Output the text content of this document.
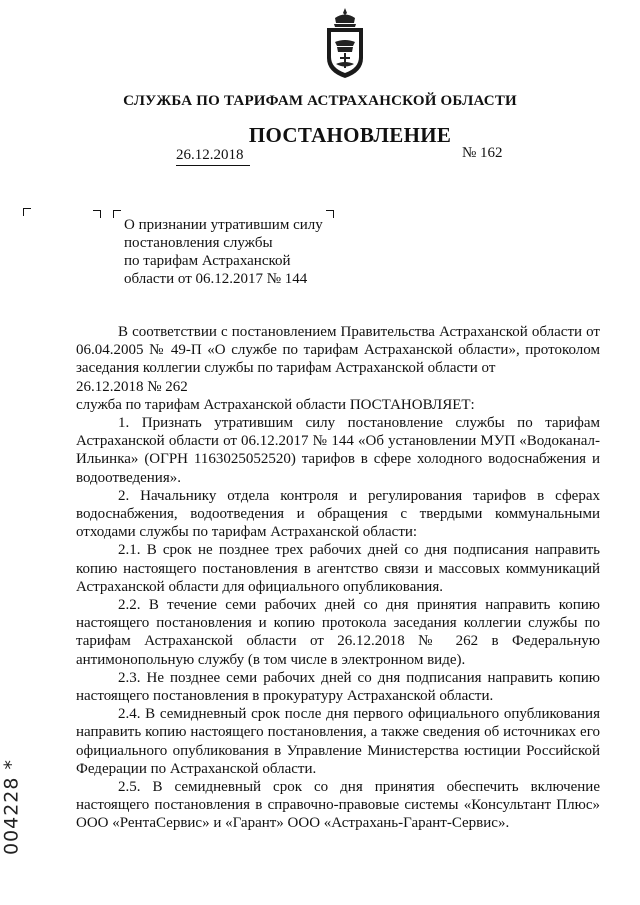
СЛУЖБА ПО ТАРИФАМ АСТРАХАНСКОЙ ОБЛАСТИ
ПОСТАНОВЛЕНИЕ
26.12.2018	№ 162
О признании утратившим силу
постановления службы
по тарифам Астраханской
области от 06.12.2017 № 144
В соответствии с постановлением Правительства Астраханской области от 06.04.2005 № 49-П «О службе по тарифам Астраханской области», протоколом заседания коллегии службы по тарифам Астраханской области от
26.12.2018 № 262
служба по тарифам Астраханской области ПОСТАНОВЛЯЕТ:
1. Признать утратившим силу постановление службы по тарифам Астраханской области от 06.12.2017 № 144 «Об установлении МУП «Водоканал-Ильинка» (ОГРН 1163025052520) тарифов в сфере холодного водоснабжения и водоотведения».
2. Начальнику отдела контроля и регулирования тарифов в сферах водоснабжения, водоотведения и обращения с твердыми коммунальными отходами службы по тарифам Астраханской области:
2.1. В срок не позднее трех рабочих дней со дня подписания направить копию настоящего постановления в агентство связи и массовых коммуникаций Астраханской области для официального опубликования.
2.2. В течение семи рабочих дней со дня принятия направить копию настоящего постановления и копию протокола заседания коллегии службы по тарифам Астраханской области от 26.12.2018 № 262 в Федеральную антимонопольную службу (в том числе в электронном виде).
2.3. Не позднее семи рабочих дней со дня подписания направить копию настоящего постановления в прокуратуру Астраханской области.
2.4. В семидневный срок после дня первого официального опубликования направить копию настоящего постановления, а также сведения об источниках его официального опубликования в Управление Министерства юстиции Российской Федерации по Астраханской области.
2.5. В семидневный срок со дня принятия обеспечить включение настоящего постановления в справочно-правовые системы «Консультант Плюс» ООО «РентаСервис» и «Гарант» ООО «Астрахань-Гарант-Сервис».
004228 *
